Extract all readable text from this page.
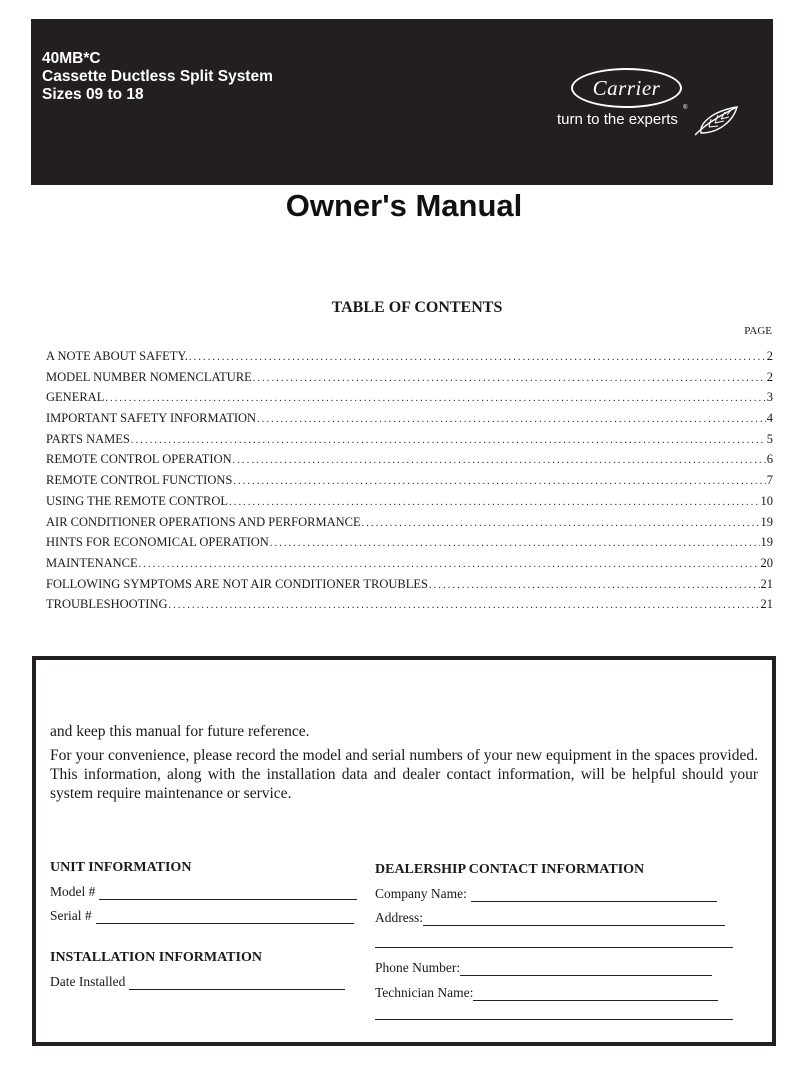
40MB*C
Cassette Ductless Split System
Sizes 09 to 18	Carrier
®
turn to the experts
Owner's Manual
TABLE OF CONTENTS
PAGE
A NOTE ABOUT SAFETY. .....	2
MODEL NUMBER NOMENCLATURE .....	2
GENERAL .....	3
IMPORTANT SAFETY INFORMATION .....	4
PARTS NAMES .....	5
REMOTE CONTROL OPERATION .....	6
REMOTE CONTROL FUNCTIONS .....	7
USING THE REMOTE CONTROL .....	10
AIR CONDITIONER OPERATIONS AND PERFORMANCE .....	19
HINTS FOR ECONOMICAL OPERATION .....	19
MAINTENANCE .....	20
FOLLOWING SYMPTOMS ARE NOT AIR CONDITIONER TROUBLES .....	21
TROUBLESHOOTING .....	21
and keep this manual for future reference.
For your convenience, please record the model and serial numbers of your new equipment in the spaces provided. This information, along with the installation data and dealer contact information, will be helpful should your system require maintenance or service.
UNIT INFORMATION
Model #
Serial #
INSTALLATION INFORMATION
Date Installed
DEALERSHIP CONTACT INFORMATION
Company Name:
Address:
Phone Number:
Technician Name:
